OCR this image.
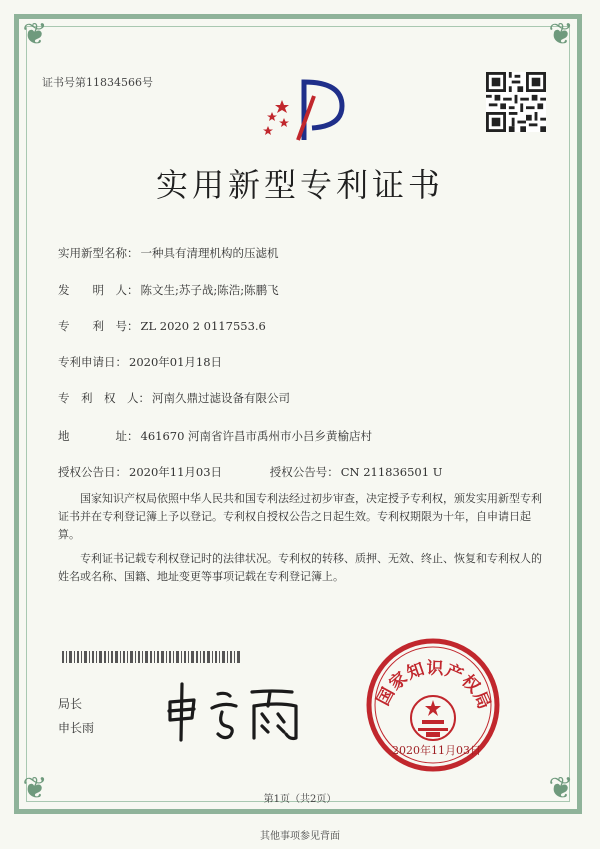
❦	❦
❦	❦
证书号第11834566号
实用新型专利证书
实用新型名称： 一种具有清理机构的压滤机
发　　明　人： 陈文生;苏子战;陈浩;陈鹏飞
专　　利　号： ZL 2020 2 0117553.6
专利申请日： 2020年01月18日
专　利　权　人： 河南久鼎过滤设备有限公司
地　　　　址： 461670 河南省许昌市禹州市小吕乡黄榆店村
授权公告日： 2020年11月03日	授权公告号： CN 211836501 U
国家知识产权局依照中华人民共和国专利法经过初步审查，决定授予专利权，颁发实用新型专利证书并在专利登记簿上予以登记。专利权自授权公告之日起生效。专利权期限为十年，自申请日起算。
专利证书记载专利权登记时的法律状况。专利权的转移、质押、无效、终止、恢复和专利权人的姓名或名称、国籍、地址变更等事项记载在专利登记簿上。
局长
申长雨
国家知识产权局
2020年11月03日
第1页（共2页）
其他事项参见背面
